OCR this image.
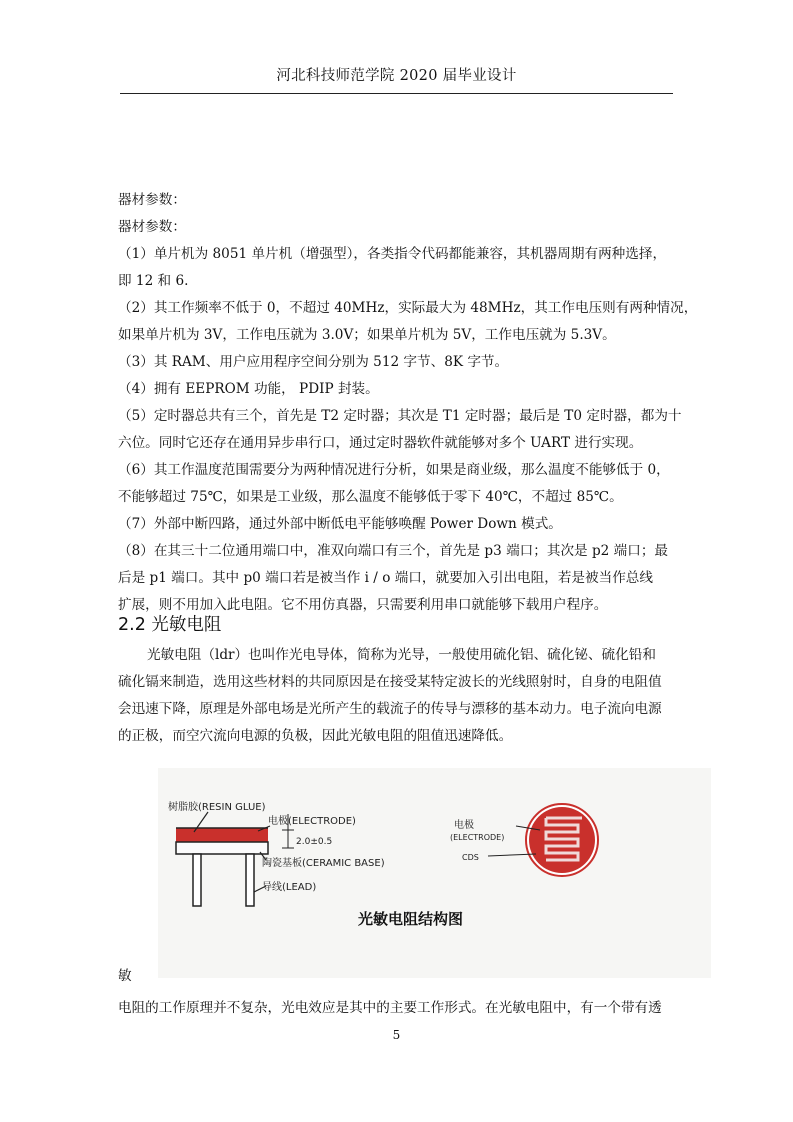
河北科技师范学院 2020 届毕业设计
器材参数：
器材参数：
（1）单片机为 8051 单片机（增强型），各类指令代码都能兼容，其机器周期有两种选择，
即 12 和 6.
（2）其工作频率不低于 0，不超过 40MHz，实际最大为 48MHz，其工作电压则有两种情况，
如果单片机为 3V，工作电压就为 3.0V；如果单片机为 5V，工作电压就为 5.3V。
（3）其 RAM、用户应用程序空间分别为 512 字节、8K 字节。
（4）拥有 EEPROM 功能， PDIP 封装。
（5）定时器总共有三个，首先是 T2 定时器；其次是 T1 定时器；最后是 T0 定时器，都为十
六位。同时它还存在通用异步串行口，通过定时器软件就能够对多个 UART 进行实现。
（6）其工作温度范围需要分为两种情况进行分析，如果是商业级，那么温度不能够低于 0，
不能够超过 75℃，如果是工业级，那么温度不能够低于零下 40℃，不超过 85℃。
（7）外部中断四路，通过外部中断低电平能够唤醒 Power Down 模式。
（8）在其三十二位通用端口中，准双向端口有三个，首先是 p3 端口；其次是 p2 端口；最
后是 p1 端口。其中 p0 端口若是被当作 i / o 端口，就要加入引出电阻，若是被当作总线
扩展，则不用加入此电阻。它不用仿真器，只需要利用串口就能够下载用户程序。
2.2 光敏电阻
光敏电阻（ldr）也叫作光电导体，简称为光导，一般使用硫化铝、硫化铋、硫化铅和
硫化镉来制造，选用这些材料的共同原因是在接受某特定波长的光线照射时，自身的电阻值
会迅速下降，原理是外部电场是光所产生的载流子的传导与漂移的基本动力。电子流向电源
的正极，而空穴流向电源的负极，因此光敏电阻的阻值迅速降低。
树脂胶(RESIN GLUE)
电极(ELECTRODE)
2.0±0.5
陶瓷基板(CERAMIC BASE)
导线(LEAD)
电极
(ELECTRODE)
CDS
光敏电阻结构图
敏
电阻的工作原理并不复杂，光电效应是其中的主要工作形式。在光敏电阻中，有一个带有透
5
